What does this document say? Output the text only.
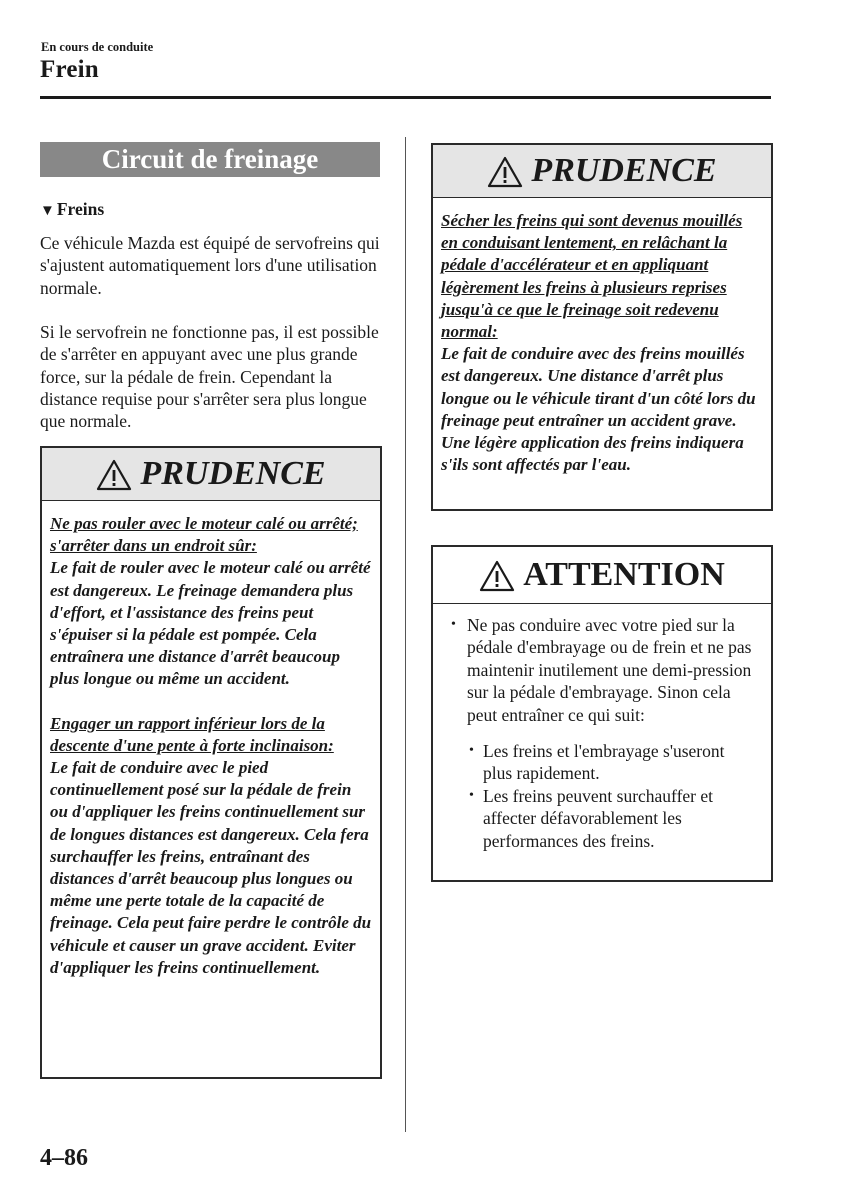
En cours de conduite
Frein
Circuit de freinage
▼ Freins
Ce véhicule Mazda est équipé de servofreins qui s'ajustent automatiquement lors d'une utilisation normale.
Si le servofrein ne fonctionne pas, il est possible de s'arrêter en appuyant avec une plus grande force, sur la pédale de frein. Cependant la distance requise pour s'arrêter sera plus longue que normale.
PRUDENCE
Ne pas rouler avec le moteur calé ou arrêté; s'arrêter dans un endroit sûr:
Le fait de rouler avec le moteur calé ou arrêté est dangereux. Le freinage demandera plus d'effort, et l'assistance des freins peut s'épuiser si la pédale est pompée. Cela entraînera une distance d'arrêt beaucoup plus longue ou même un accident.
Engager un rapport inférieur lors de la descente d'une pente à forte inclinaison:
Le fait de conduire avec le pied continuellement posé sur la pédale de frein ou d'appliquer les freins continuellement sur de longues distances est dangereux. Cela fera surchauffer les freins, entraînant des distances d'arrêt beaucoup plus longues ou même une perte totale de la capacité de freinage. Cela peut faire perdre le contrôle du véhicule et causer un grave accident. Eviter d'appliquer les freins continuellement.
PRUDENCE
Sécher les freins qui sont devenus mouillés en conduisant lentement, en relâchant la pédale d'accélérateur et en appliquant légèrement les freins à plusieurs reprises jusqu'à ce que le freinage soit redevenu normal:
Le fait de conduire avec des freins mouillés est dangereux. Une distance d'arrêt plus longue ou le véhicule tirant d'un côté lors du freinage peut entraîner un accident grave. Une légère application des freins indiquera s'ils sont affectés par l'eau.
ATTENTION
• Ne pas conduire avec votre pied sur la pédale d'embrayage ou de frein et ne pas maintenir inutilement une demi-pression sur la pédale d'embrayage. Sinon cela peut entraîner ce qui suit:
• Les freins et l'embrayage s'useront plus rapidement.
• Les freins peuvent surchauffer et affecter défavorablement les performances des freins.
4–86
